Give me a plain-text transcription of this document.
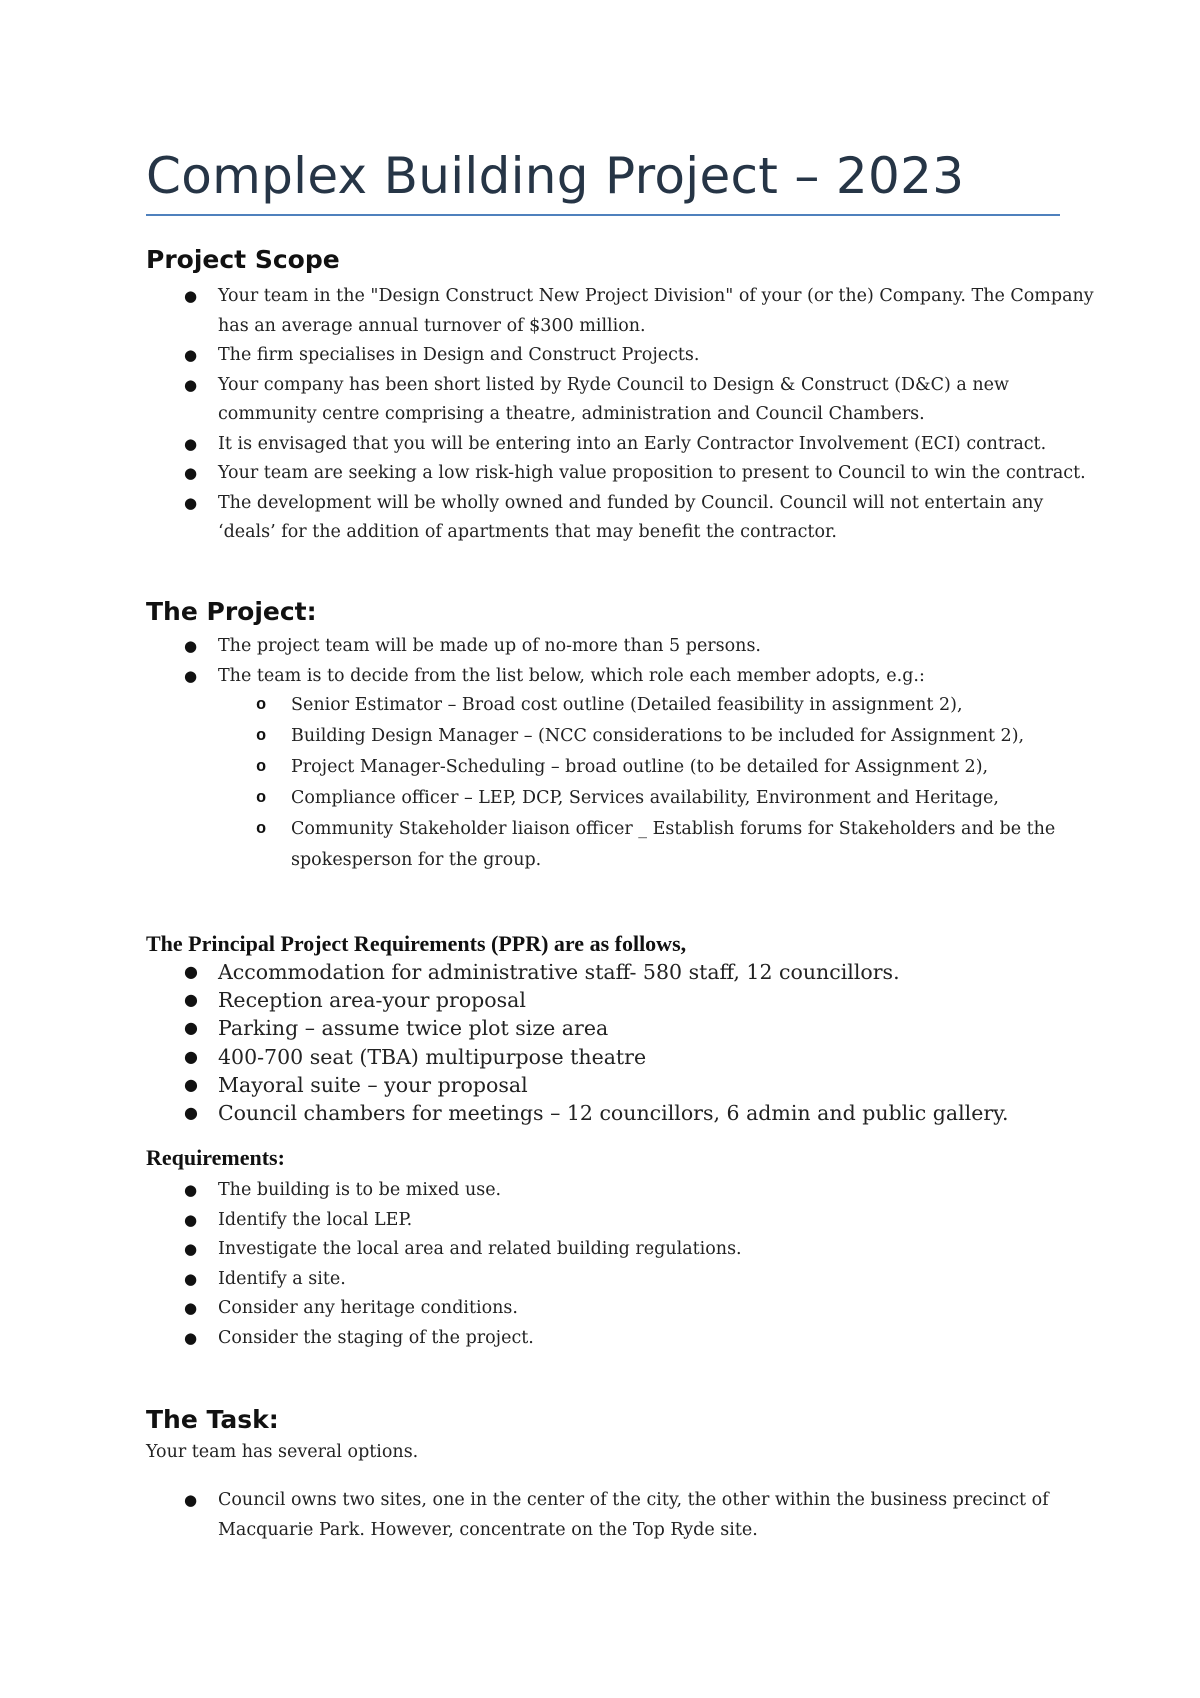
Complex Building Project – 2023
Project Scope
● Your team in the "Design Construct New Project Division" of your (or the) Company. The Company has an average annual turnover of $300 million.
● The firm specialises in Design and Construct Projects.
● Your company has been short listed by Ryde Council to Design & Construct (D&C) a new community centre comprising a theatre, administration and Council Chambers.
● It is envisaged that you will be entering into an Early Contractor Involvement (ECI) contract.
● Your team are seeking a low risk-high value proposition to present to Council to win the contract.
● The development will be wholly owned and funded by Council. Council will not entertain any ‘deals’ for the addition of apartments that may benefit the contractor.
The Project:
● The project team will be made up of no-more than 5 persons.
● The team is to decide from the list below, which role each member adopts, e.g.:
o Senior Estimator – Broad cost outline (Detailed feasibility in assignment 2),
o Building Design Manager – (NCC considerations to be included for Assignment 2),
o Project Manager-Scheduling – broad outline (to be detailed for Assignment 2),
o Compliance officer – LEP, DCP, Services availability, Environment and Heritage,
o Community Stakeholder liaison officer _ Establish forums for Stakeholders and be the spokesperson for the group.
The Principal Project Requirements (PPR) are as follows,
● Accommodation for administrative staff- 580 staff, 12 councillors.
● Reception area-your proposal
● Parking – assume twice plot size area
● 400-700 seat (TBA) multipurpose theatre
● Mayoral suite – your proposal
● Council chambers for meetings – 12 councillors, 6 admin and public gallery.
Requirements:
● The building is to be mixed use.
● Identify the local LEP.
● Investigate the local area and related building regulations.
● Identify a site.
● Consider any heritage conditions.
● Consider the staging of the project.
The Task:

Your team has several options.

● Council owns two sites, one in the center of the city, the other within the business precinct of Macquarie Park. However, concentrate on the Top Ryde site.
